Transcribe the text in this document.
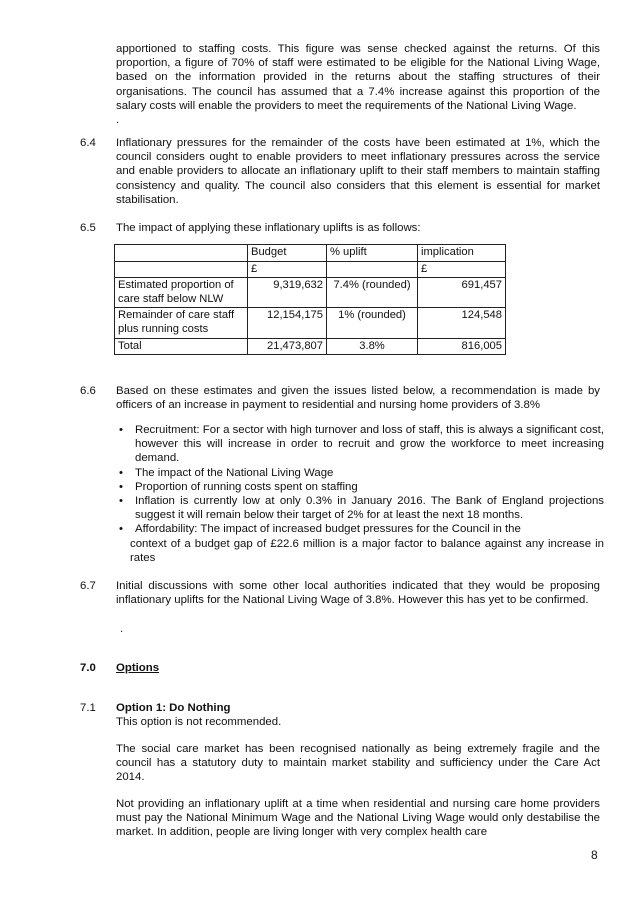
apportioned to staffing costs. This figure was sense checked against the returns. Of this proportion, a figure of 70% of staff were estimated to be eligible for the National Living Wage, based on the information provided in the returns about the staffing structures of their organisations. The council has assumed that a 7.4% increase against this proportion of the salary costs will enable the providers to meet the requirements of the National Living Wage.

.

6.4 Inflationary pressures for the remainder of the costs have been estimated at 1%, which the council considers ought to enable providers to meet inflationary pressures across the service and enable providers to allocate an inflationary uplift to their staff members to maintain staffing consistency and quality. The council also considers that this element is essential for market stabilisation.

6.5 The impact of applying these inflationary uplifts is as follows:

	Budget	% uplift	implication
	£		£
Estimated proportion of care staff below NLW	9,319,632	7.4% (rounded)	691,457
Remainder of care staff plus running costs	12,154,175	1% (rounded)	124,548
Total	21,473,807	3.8%	816,005

6.6 Based on these estimates and given the issues listed below, a recommendation is made by officers of an increase in payment to residential and nursing home providers of 3.8%

• Recruitment: For a sector with high turnover and loss of staff, this is always a significant cost, however this will increase in order to recruit and grow the workforce to meet increasing demand.
• The impact of the National Living Wage
• Proportion of running costs spent on staffing
• Inflation is currently low at only 0.3% in January 2016. The Bank of England projections suggest it will remain below their target of 2% for at least the next 18 months.
• Affordability: The impact of increased budget pressures for the Council in the
context of a budget gap of £22.6 million is a major factor to balance against any increase in rates

6.7 Initial discussions with some other local authorities indicated that they would be proposing inflationary uplifts for the National Living Wage of 3.8%. However this has yet to be confirmed.

.

7.0 Options

7.1 Option 1: Do Nothing

This option is not recommended.

The social care market has been recognised nationally as being extremely fragile and the council has a statutory duty to maintain market stability and sufficiency under the Care Act 2014.

Not providing an inflationary uplift at a time when residential and nursing care home providers must pay the National Minimum Wage and the National Living Wage would only destabilise the market. In addition, people are living longer with very complex health care

8
